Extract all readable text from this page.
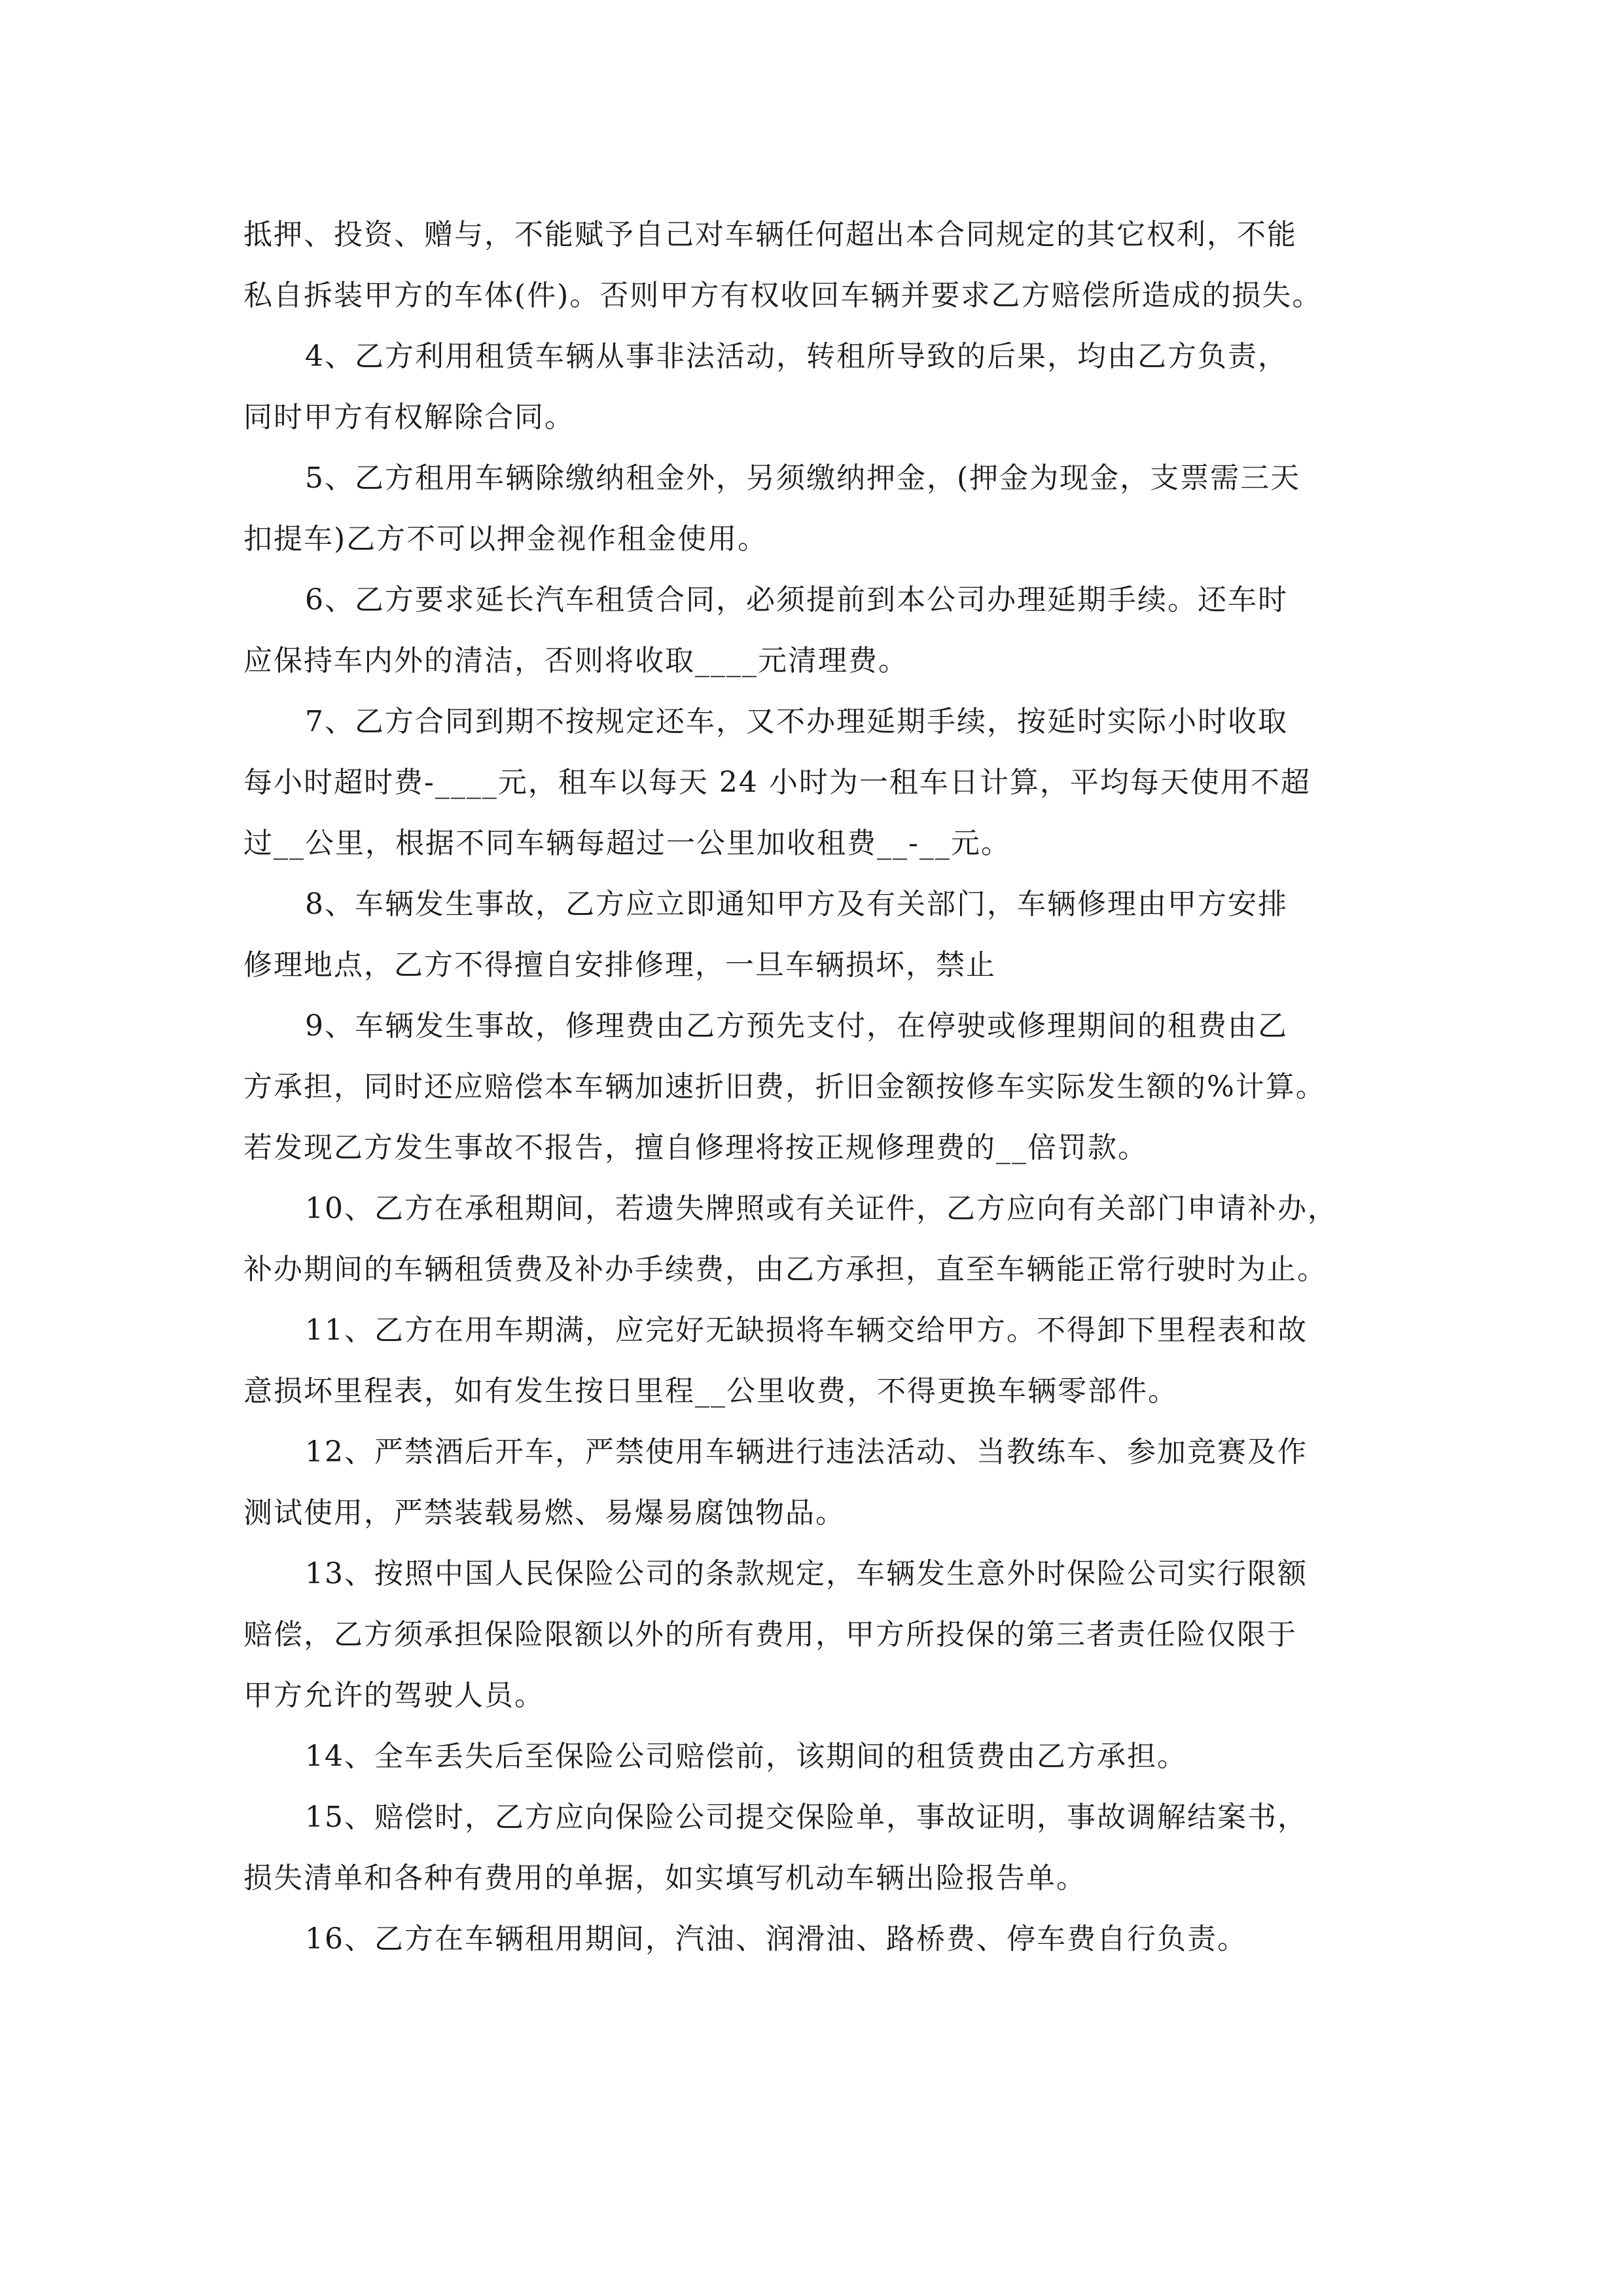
抵押、投资、赠与，不能赋予自己对车辆任何超出本合同规定的其它权利，不能
私自拆装甲方的车体(件)。否则甲方有权收回车辆并要求乙方赔偿所造成的损失。

4、乙方利用租赁车辆从事非法活动，转租所导致的后果，均由乙方负责，
同时甲方有权解除合同。

5、乙方租用车辆除缴纳租金外，另须缴纳押金，(押金为现金，支票需三天
扣提车)乙方不可以押金视作租金使用。

6、乙方要求延长汽车租赁合同，必须提前到本公司办理延期手续。还车时
应保持车内外的清洁，否则将收取____元清理费。

7、乙方合同到期不按规定还车，又不办理延期手续，按延时实际小时收取
每小时超时费-____元，租车以每天 24 小时为一租车日计算，平均每天使用不超
过__公里，根据不同车辆每超过一公里加收租费__-__元。

8、车辆发生事故，乙方应立即通知甲方及有关部门，车辆修理由甲方安排
修理地点，乙方不得擅自安排修理，一旦车辆损坏，禁止

9、车辆发生事故，修理费由乙方预先支付，在停驶或修理期间的租费由乙
方承担，同时还应赔偿本车辆加速折旧费，折旧金额按修车实际发生额的%计算。
若发现乙方发生事故不报告，擅自修理将按正规修理费的__倍罚款。

10、乙方在承租期间，若遗失牌照或有关证件，乙方应向有关部门申请补办，
补办期间的车辆租赁费及补办手续费，由乙方承担，直至车辆能正常行驶时为止。

11、乙方在用车期满，应完好无缺损将车辆交给甲方。不得卸下里程表和故
意损坏里程表，如有发生按日里程__公里收费，不得更换车辆零部件。

12、严禁酒后开车，严禁使用车辆进行违法活动、当教练车、参加竞赛及作
测试使用，严禁装载易燃、易爆易腐蚀物品。

13、按照中国人民保险公司的条款规定，车辆发生意外时保险公司实行限额
赔偿，乙方须承担保险限额以外的所有费用，甲方所投保的第三者责任险仅限于
甲方允许的驾驶人员。

14、全车丢失后至保险公司赔偿前，该期间的租赁费由乙方承担。

15、赔偿时，乙方应向保险公司提交保险单，事故证明，事故调解结案书，
损失清单和各种有费用的单据，如实填写机动车辆出险报告单。

16、乙方在车辆租用期间，汽油、润滑油、路桥费、停车费自行负责。
